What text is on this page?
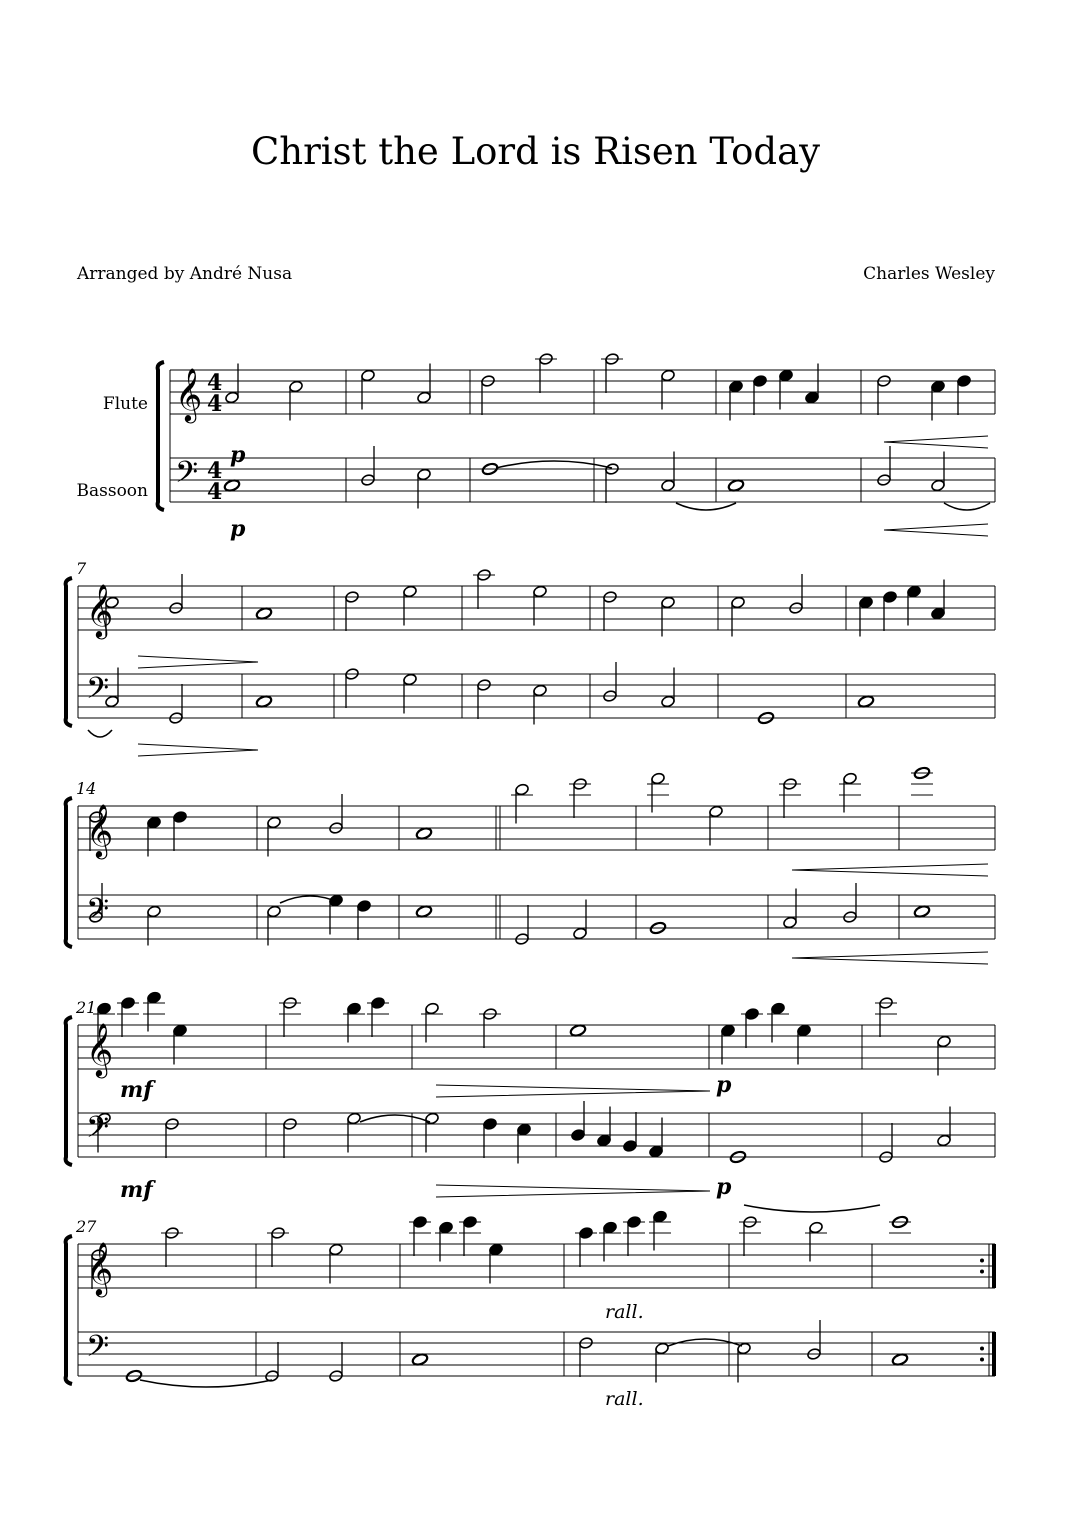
Christ the Lord is Risen Today
Arranged by André Nusa	Charles Wesley
Flute
Bassoon
𝄞
𝄢
𝄞
𝄢
7
𝄞
𝄢
14
𝄞
𝄢
21
𝄞
𝄢
27
4
4
4
4
p
p
mf
mf
p
p
rall.
rall.
